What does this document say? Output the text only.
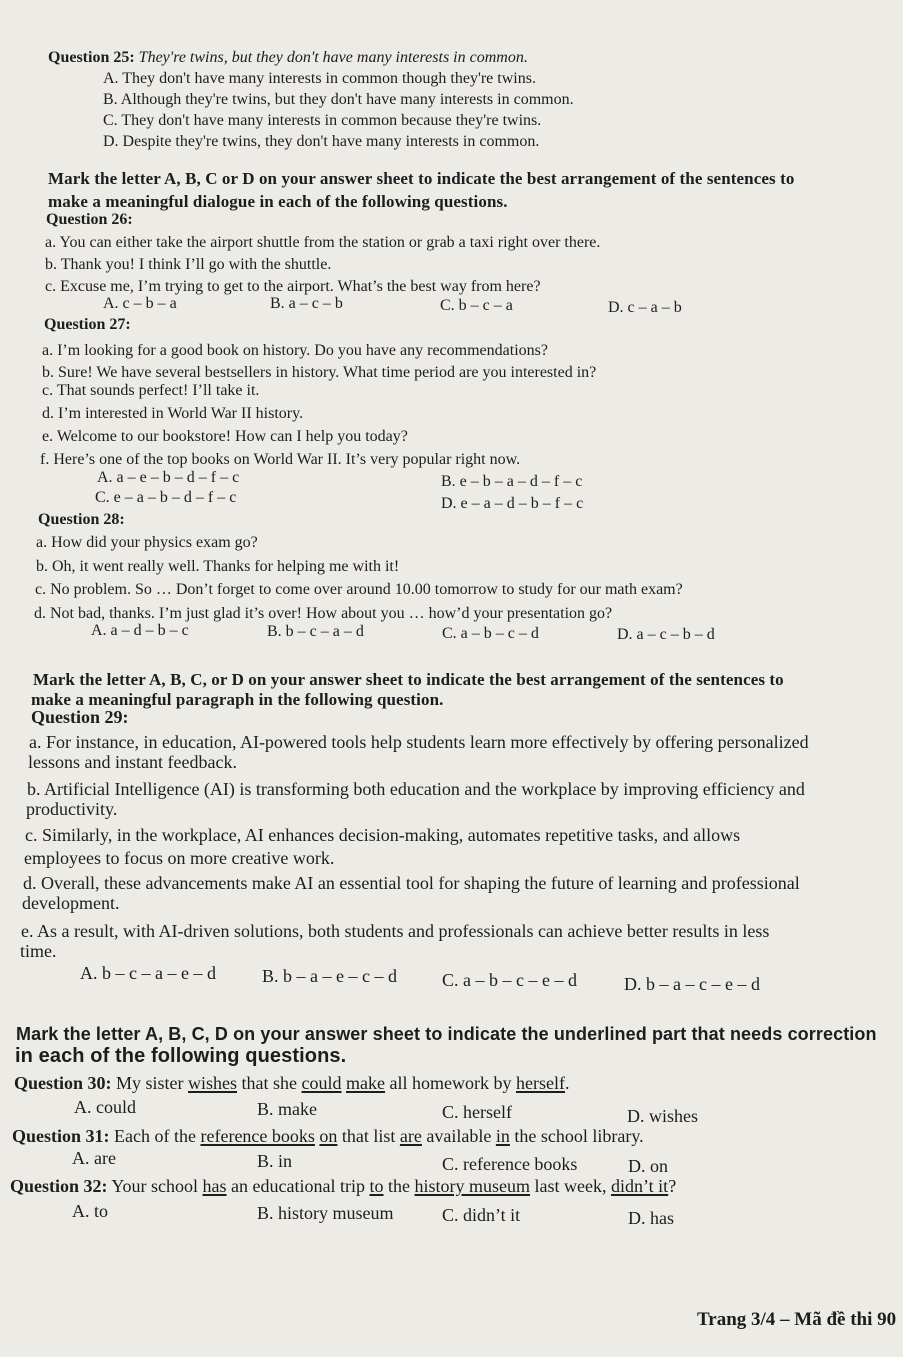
Question 25: They're twins, but they don't have many interests in common.
A. They don't have many interests in common though they're twins.
B. Although they're twins, but they don't have many interests in common.
C. They don't have many interests in common because they're twins.
D. Despite they're twins, they don't have many interests in common.
Mark the letter A, B, C or D on your answer sheet to indicate the best arrangement of the sentences to
make a meaningful dialogue in each of the following questions.
Question 26:
a. You can either take the airport shuttle from the station or grab a taxi right over there.
b. Thank you! I think I’ll go with the shuttle.
c. Excuse me, I’m trying to get to the airport. What’s the best way from here?
A. c – b – a	B. a – c – b	C. b – c – a	D. c – a – b
Question 27:
a. I’m looking for a good book on history. Do you have any recommendations?
b. Sure! We have several bestsellers in history. What time period are you interested in?
c. That sounds perfect! I’ll take it.
d. I’m interested in World War II history.
e. Welcome to our bookstore! How can I help you today?
f. Here’s one of the top books on World War II. It’s very popular right now.
A. a – e – b – d – f – c	B. e – b – a – d – f – c
C. e – a – b – d – f – c	D. e – a – d – b – f – c
Question 28:
a. How did your physics exam go?
b. Oh, it went really well. Thanks for helping me with it!
c. No problem. So … Don’t forget to come over around 10.00 tomorrow to study for our math exam?
d. Not bad, thanks. I’m just glad it’s over! How about you … how’d your presentation go?
A. a – d – b – c	B. b – c – a – d	C. a – b – c – d	D. a – c – b – d
Mark the letter A, B, C, or D on your answer sheet to indicate the best arrangement of the sentences to
make a meaningful paragraph in the following question.
Question 29:
a. For instance, in education, AI-powered tools help students learn more effectively by offering personalized
lessons and instant feedback.
b. Artificial Intelligence (AI) is transforming both education and the workplace by improving efficiency and
productivity.
c. Similarly, in the workplace, AI enhances decision-making, automates repetitive tasks, and allows
employees to focus on more creative work.
d. Overall, these advancements make AI an essential tool for shaping the future of learning and professional
development.
e. As a result, with AI-driven solutions, both students and professionals can achieve better results in less
time.
A. b – c – a – e – d	B. b – a – e – c – d	C. a – b – c – e – d	D. b – a – c – e – d
Mark the letter A, B, C, D on your answer sheet to indicate the underlined part that needs correction
in each of the following questions.
Question 30: My sister wishes that she could make all homework by herself.
A. could	B. make	C. herself	D. wishes
Question 31: Each of the reference books on that list are available in the school library.
A. are	B. in	C. reference books	D. on
Question 32: Your school has an educational trip to the history museum last week, didn’t it?
A. to	B. history museum	C. didn’t it	D. has
Trang 3/4 – Mã đề thi 90
